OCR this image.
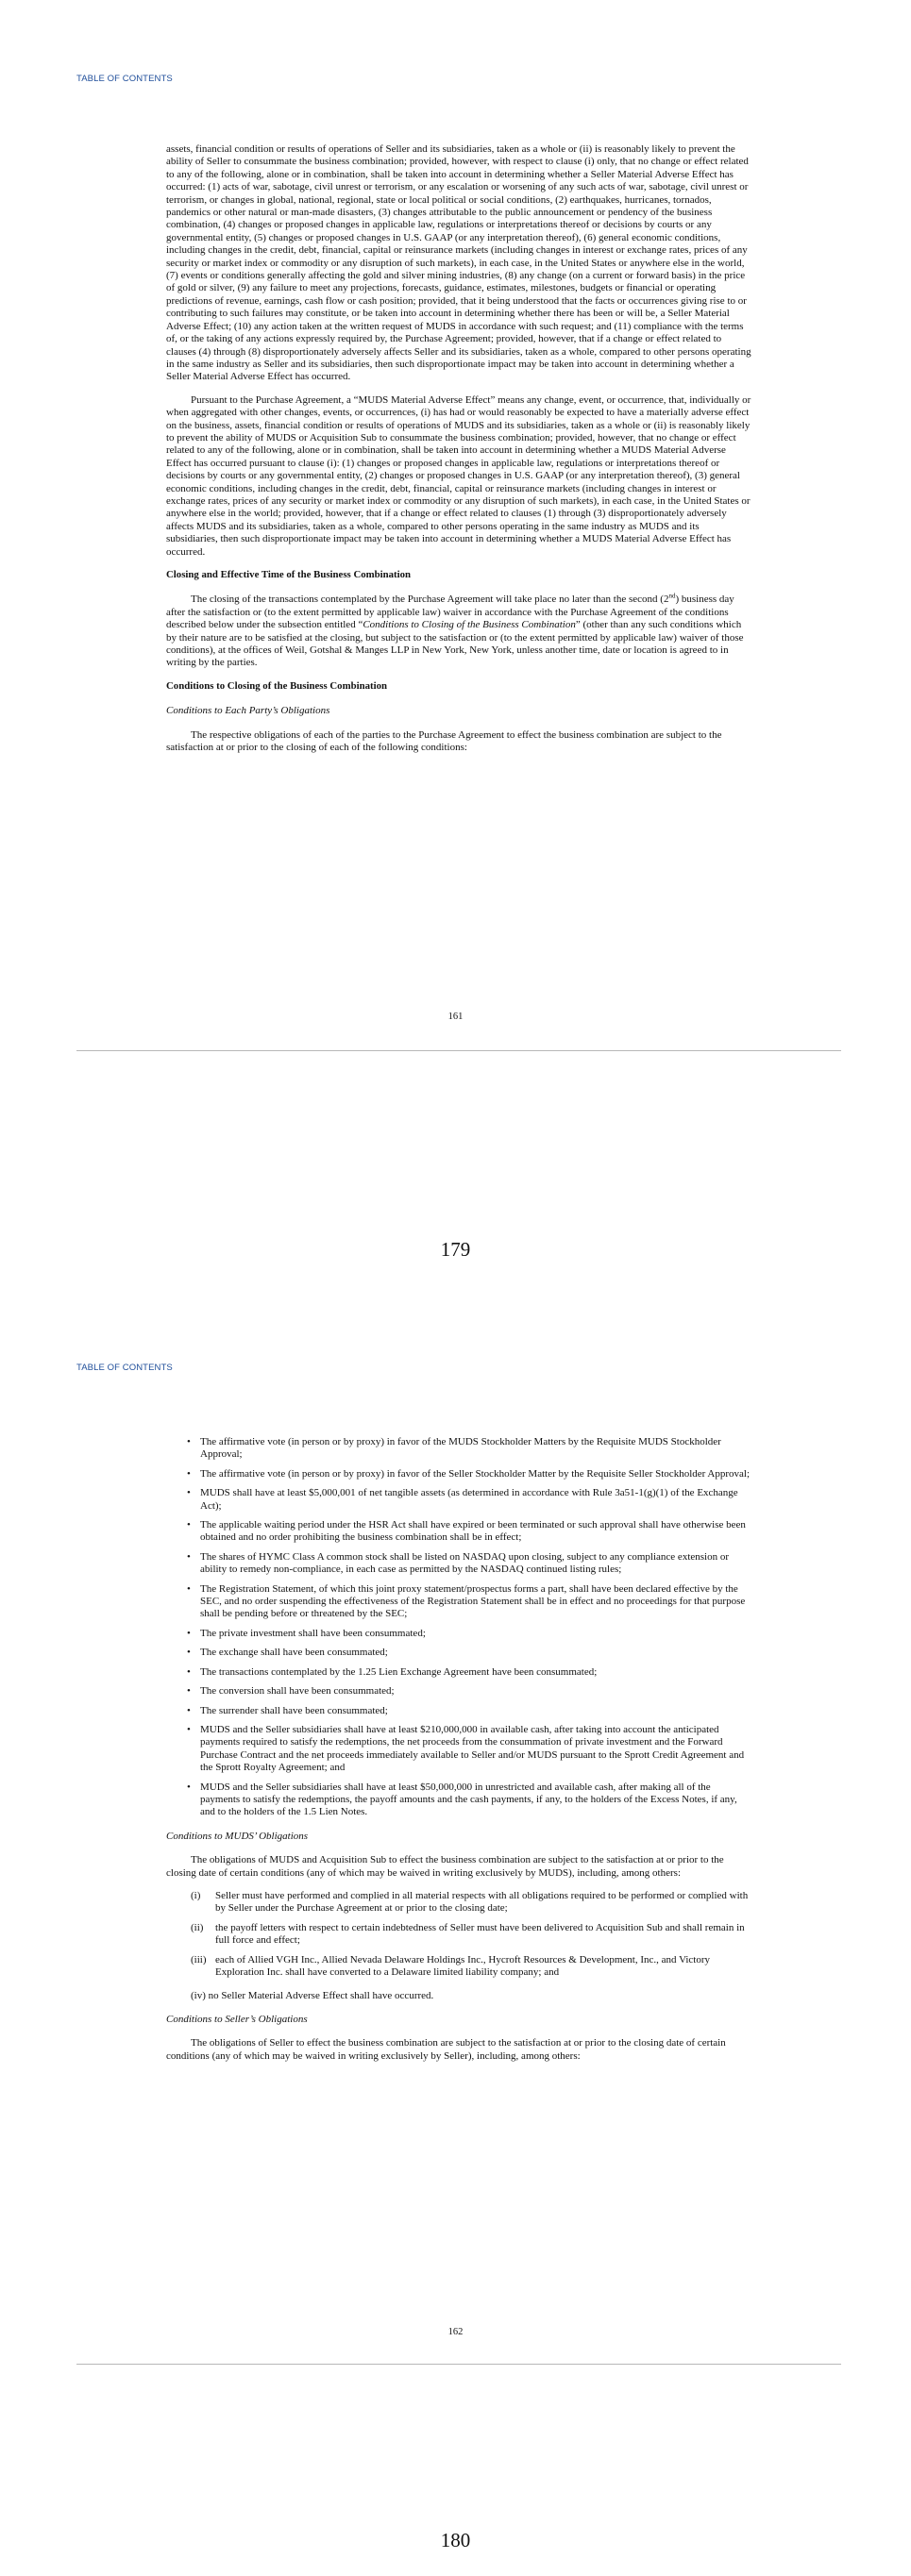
TABLE OF CONTENTS

assets, financial condition or results of operations of Seller and its subsidiaries, taken as a whole or (ii) is reasonably likely to prevent the ability of Seller to consummate the business combination; provided, however, with respect to clause (i) only, that no change or effect related to any of the following, alone or in combination, shall be taken into account in determining whether a Seller Material Adverse Effect has occurred: (1) acts of war, sabotage, civil unrest or terrorism, or any escalation or worsening of any such acts of war, sabotage, civil unrest or terrorism, or changes in global, national, regional, state or local political or social conditions, (2) earthquakes, hurricanes, tornados, pandemics or other natural or man-made disasters, (3) changes attributable to the public announcement or pendency of the business combination, (4) changes or proposed changes in applicable law, regulations or interpretations thereof or decisions by courts or any governmental entity, (5) changes or proposed changes in U.S. GAAP (or any interpretation thereof), (6) general economic conditions, including changes in the credit, debt, financial, capital or reinsurance markets (including changes in interest or exchange rates, prices of any security or market index or commodity or any disruption of such markets), in each case, in the United States or anywhere else in the world, (7) events or conditions generally affecting the gold and silver mining industries, (8) any change (on a current or forward basis) in the price of gold or silver, (9) any failure to meet any projections, forecasts, guidance, estimates, milestones, budgets or financial or operating predictions of revenue, earnings, cash flow or cash position; provided, that it being understood that the facts or occurrences giving rise to or contributing to such failures may constitute, or be taken into account in determining whether there has been or will be, a Seller Material Adverse Effect; (10) any action taken at the written request of MUDS in accordance with such request; and (11) compliance with the terms of, or the taking of any actions expressly required by, the Purchase Agreement; provided, however, that if a change or effect related to clauses (4) through (8) disproportionately adversely affects Seller and its subsidiaries, taken as a whole, compared to other persons operating in the same industry as Seller and its subsidiaries, then such disproportionate impact may be taken into account in determining whether a Seller Material Adverse Effect has occurred.

Pursuant to the Purchase Agreement, a “MUDS Material Adverse Effect” means any change, event, or occurrence, that, individually or when aggregated with other changes, events, or occurrences, (i) has had or would reasonably be expected to have a materially adverse effect on the business, assets, financial condition or results of operations of MUDS and its subsidiaries, taken as a whole or (ii) is reasonably likely to prevent the ability of MUDS or Acquisition Sub to consummate the business combination; provided, however, that no change or effect related to any of the following, alone or in combination, shall be taken into account in determining whether a MUDS Material Adverse Effect has occurred pursuant to clause (i): (1) changes or proposed changes in applicable law, regulations or interpretations thereof or decisions by courts or any governmental entity, (2) changes or proposed changes in U.S. GAAP (or any interpretation thereof), (3) general economic conditions, including changes in the credit, debt, financial, capital or reinsurance markets (including changes in interest or exchange rates, prices of any security or market index or commodity or any disruption of such markets), in each case, in the United States or anywhere else in the world; provided, however, that if a change or effect related to clauses (1) through (3) disproportionately adversely affects MUDS and its subsidiaries, taken as a whole, compared to other persons operating in the same industry as MUDS and its subsidiaries, then such disproportionate impact may be taken into account in determining whether a MUDS Material Adverse Effect has occurred.

Closing and Effective Time of the Business Combination

The closing of the transactions contemplated by the Purchase Agreement will take place no later than the second (2nd) business day after the satisfaction or (to the extent permitted by applicable law) waiver in accordance with the Purchase Agreement of the conditions described below under the subsection entitled “Conditions to Closing of the Business Combination” (other than any such conditions which by their nature are to be satisfied at the closing, but subject to the satisfaction or (to the extent permitted by applicable law) waiver of those conditions), at the offices of Weil, Gotshal & Manges LLP in New York, New York, unless another time, date or location is agreed to in writing by the parties.

Conditions to Closing of the Business Combination

Conditions to Each Party’s Obligations

The respective obligations of each of the parties to the Purchase Agreement to effect the business combination are subject to the satisfaction at or prior to the closing of each of the following conditions:

161
179
TABLE OF CONTENTS
• The affirmative vote (in person or by proxy) in favor of the MUDS Stockholder Matters by the Requisite MUDS Stockholder Approval;
• The affirmative vote (in person or by proxy) in favor of the Seller Stockholder Matter by the Requisite Seller Stockholder Approval;
• MUDS shall have at least $5,000,001 of net tangible assets (as determined in accordance with Rule 3a51-1(g)(1) of the Exchange Act);
• The applicable waiting period under the HSR Act shall have expired or been terminated or such approval shall have otherwise been obtained and no order prohibiting the business combination shall be in effect;
• The shares of HYMC Class A common stock shall be listed on NASDAQ upon closing, subject to any compliance extension or ability to remedy non-compliance, in each case as permitted by the NASDAQ continued listing rules;
• The Registration Statement, of which this joint proxy statement/prospectus forms a part, shall have been declared effective by the SEC, and no order suspending the effectiveness of the Registration Statement shall be in effect and no proceedings for that purpose shall be pending before or threatened by the SEC;
• The private investment shall have been consummated;
• The exchange shall have been consummated;
• The transactions contemplated by the 1.25 Lien Exchange Agreement have been consummated;
• The conversion shall have been consummated;
• The surrender shall have been consummated;
• MUDS and the Seller subsidiaries shall have at least $210,000,000 in available cash, after taking into account the anticipated payments required to satisfy the redemptions, the net proceeds from the consummation of private investment and the Forward Purchase Contract and the net proceeds immediately available to Seller and/or MUDS pursuant to the Sprott Credit Agreement and the Sprott Royalty Agreement; and
• MUDS and the Seller subsidiaries shall have at least $50,000,000 in unrestricted and available cash, after making all of the payments to satisfy the redemptions, the payoff amounts and the cash payments, if any, to the holders of the Excess Notes, if any, and to the holders of the 1.5 Lien Notes.

Conditions to MUDS’ Obligations

The obligations of MUDS and Acquisition Sub to effect the business combination are subject to the satisfaction at or prior to the closing date of certain conditions (any of which may be waived in writing exclusively by MUDS), including, among others:

(i) Seller must have performed and complied in all material respects with all obligations required to be performed or complied with by Seller under the Purchase Agreement at or prior to the closing date;
(ii) the payoff letters with respect to certain indebtedness of Seller must have been delivered to Acquisition Sub and shall remain in full force and effect;
(iii) each of Allied VGH Inc., Allied Nevada Delaware Holdings Inc., Hycroft Resources & Development, Inc., and Victory Exploration Inc. shall have converted to a Delaware limited liability company; and

(iv) no Seller Material Adverse Effect shall have occurred.

Conditions to Seller’s Obligations

The obligations of Seller to effect the business combination are subject to the satisfaction at or prior to the closing date of certain conditions (any of which may be waived in writing exclusively by Seller), including, among others:

162
180
